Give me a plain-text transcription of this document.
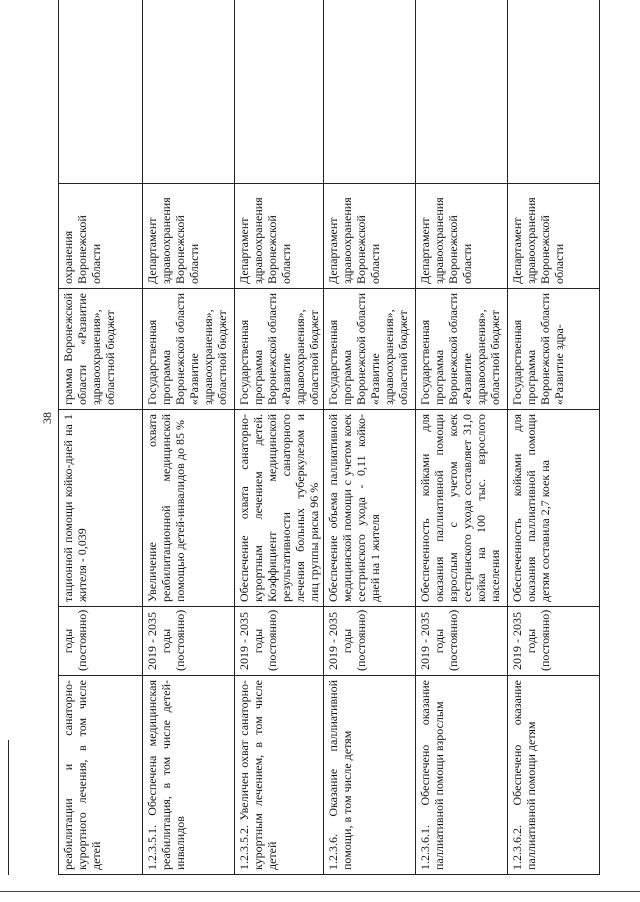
38
реабилитации и санаторно-курортного лечения, в том числе детей	годы (постоянно)	тационной помощи койко-дней на 1 жителя - 0,039	грамма Воронежской области «Развитие здравоохранения», областной бюджет	охранения Воронежской области	
1.2.3.5.1. Обеспечена медицинская реабилитация, в том числе детей-инвалидов	2019 - 2035 годы (постоянно)	Увеличение охвата реабилитационной медицинской помощью детей-инвалидов до 85 %	Государственная программа Воронежской области «Развитие здравоохранения», областной бюджет	Департамент здравоохранения Воронежской области	
1.2.3.5.2. Увеличен охват санаторно-курортным лечением, в том числе детей	2019 - 2035 годы (постоянно)	Обеспечение охвата санаторно-курортным лечением детей. Коэффициент медицинской результативности санаторного лечения больных туберкулезом и лиц группы риска 96 %	Государственная программа Воронежской области «Развитие здравоохранения», областной бюджет	Департамент здравоохранения Воронежской области	
1.2.3.6. Оказание паллиативной помощи, в том числе детям	2019 - 2035 годы (постоянно)	Обеспечение объема паллиативной медицинской помощи с учетом коек сестринского ухода - 0,11 койко-дней на 1 жителя	Государственная программа Воронежской области «Развитие здравоохранения», областной бюджет	Департамент здравоохранения Воронежской области	
1.2.3.6.1. Обеспечено оказание паллиативной помощи взрослым	2019 - 2035 годы (постоянно)	Обеспеченность койками для оказания паллиативной помощи взрослым с учетом коек сестринского ухода составляет 31,0 койка на 100 тыс. взрослого населения	Государственная программа Воронежской области «Развитие здравоохранения», областной бюджет	Департамент здравоохранения Воронежской области	
1.2.3.6.2. Обеспечено оказание паллиативной помощи детям	2019 - 2035 годы (постоянно)	Обеспеченность койками для оказания паллиативной помощи детям составила 2,7 коек на	Государственная программа Воронежской области «Развитие здра-	Департамент здравоохранения Воронежской области	
